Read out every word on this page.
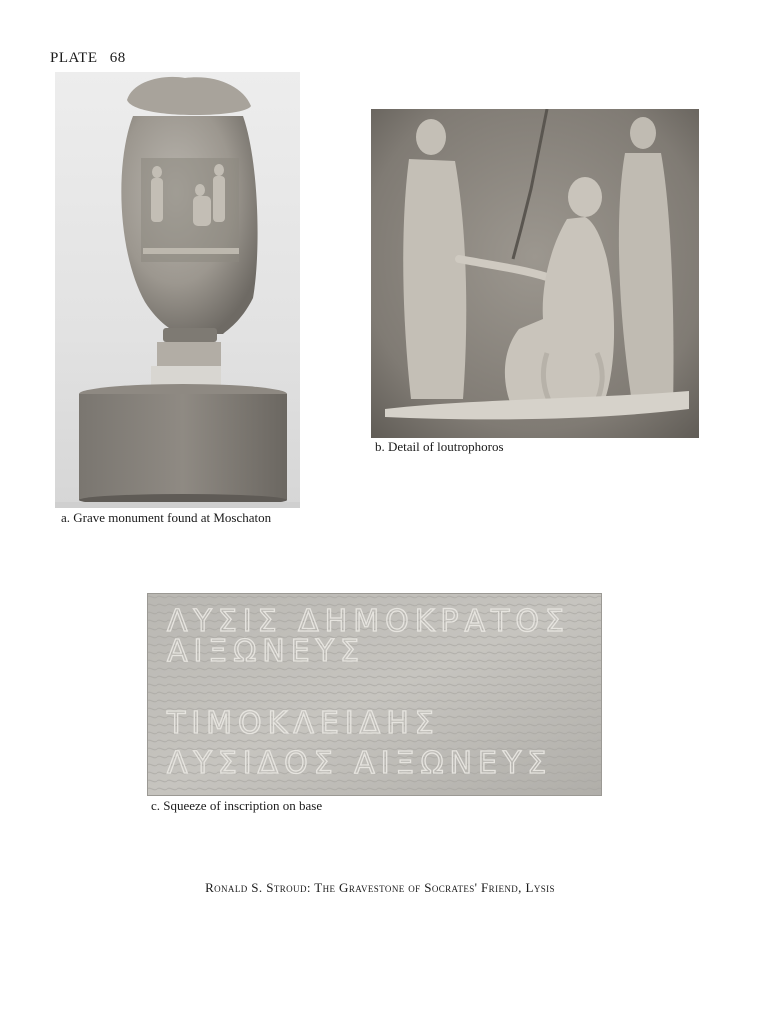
PLATE 68
ΛΥΣΙΣ ΔΗΜΟΚΡΑΤΟΣ
ΑΙΞΩΝΕΥΣ
ΤΙΜΟΚΛΕΙΔΗΣ
ΛΥΣΙΔΟΣ ΑΙΞΩΝΕΥΣ
a. Grave monument found at Moschaton
b. Detail of loutrophoros
c. Squeeze of inscription on base
Ronald S. Stroud: The Gravestone of Socrates' Friend, Lysis
